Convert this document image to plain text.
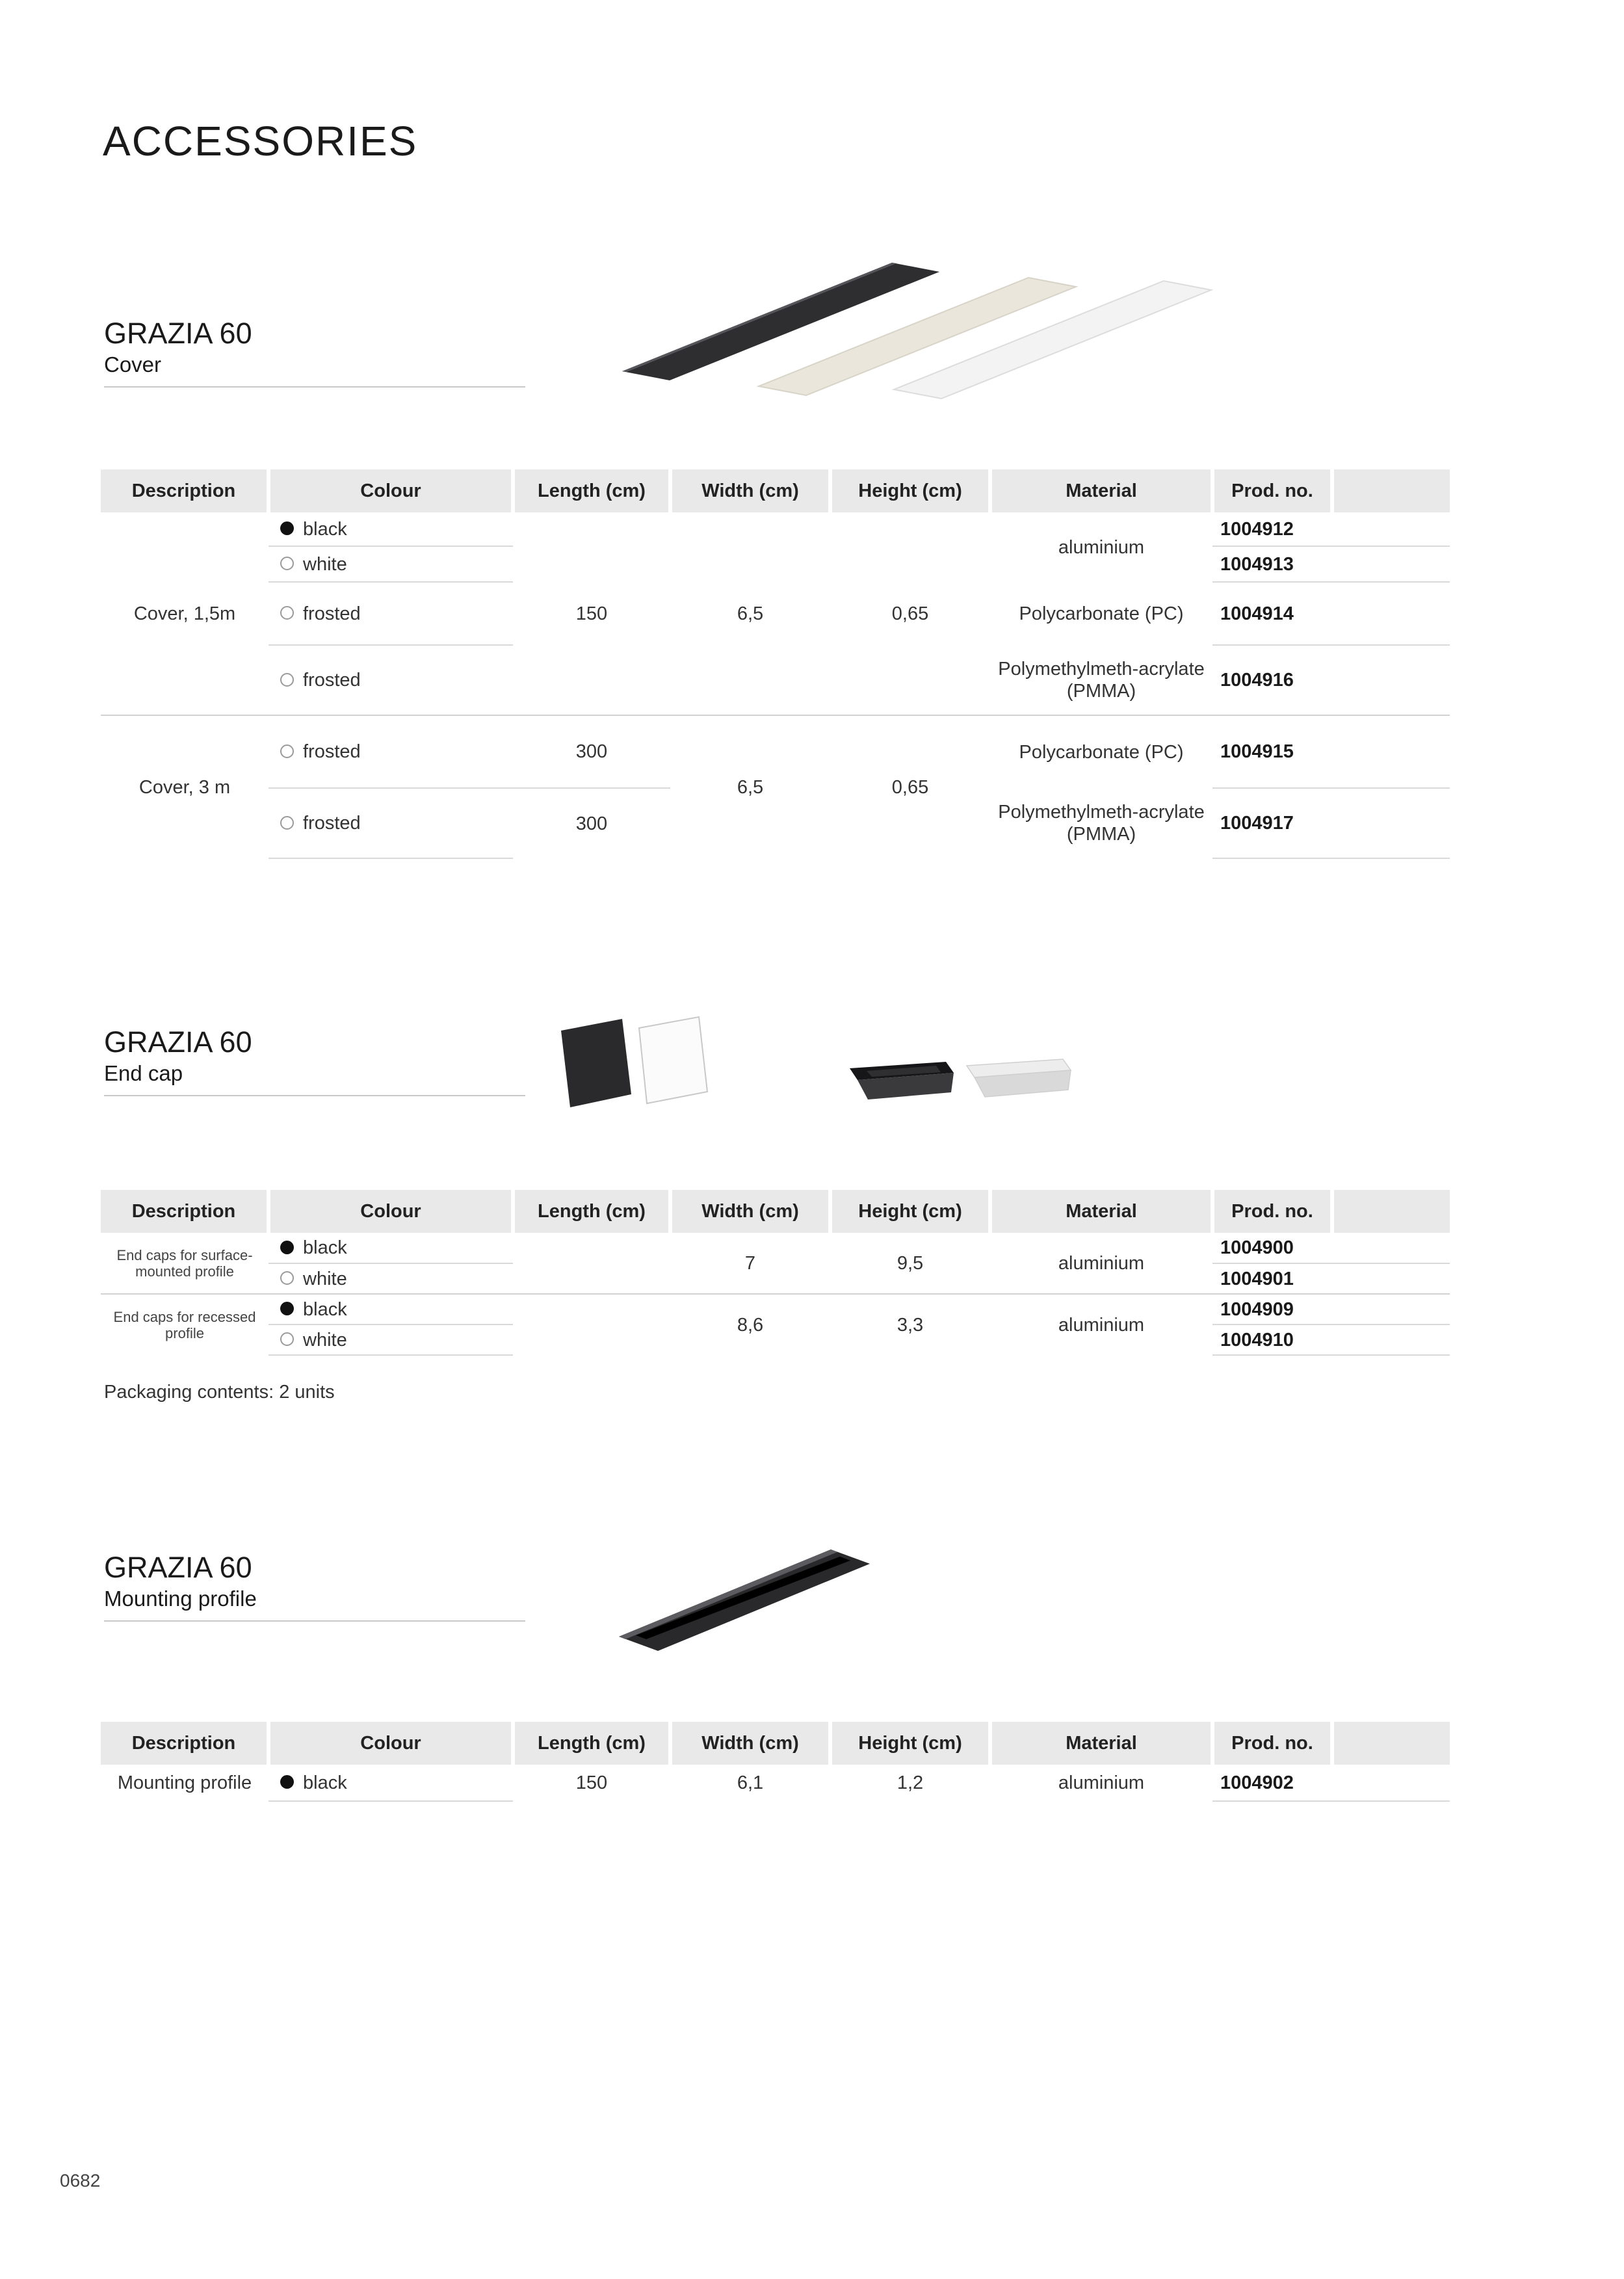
ACCESSORIES
GRAZIA 60
Cover
Description	Colour	Length (cm)	Width (cm)	Height (cm)	Material	Prod. no.	
Cover, 1,5m	black	150	6,5	0,65	aluminium	1004912	
	white					1004913	
	frosted				Polycarbonate (PC)	1004914	
	frosted				Polymethylmeth-acrylate (PMMA)	1004916	
Cover, 3 m	frosted	300	6,5	0,65	Polycarbonate (PC)	1004915	
	frosted	300			Polymethylmeth-acrylate (PMMA)	1004917	
GRAZIA 60
End cap
Description	Colour	Length (cm)	Width (cm)	Height (cm)	Material	Prod. no.	
End caps for surface-mounted profile	black		7	9,5	aluminium	1004900	
	white					1004901	
End caps for recessed profile	black		8,6	3,3	aluminium	1004909	
	white					1004910	
Packaging contents: 2 units
GRAZIA 60
Mounting profile
Description	Colour	Length (cm)	Width (cm)	Height (cm)	Material	Prod. no.	
Mounting profile	black	150	6,1	1,2	aluminium	1004902	
0682
